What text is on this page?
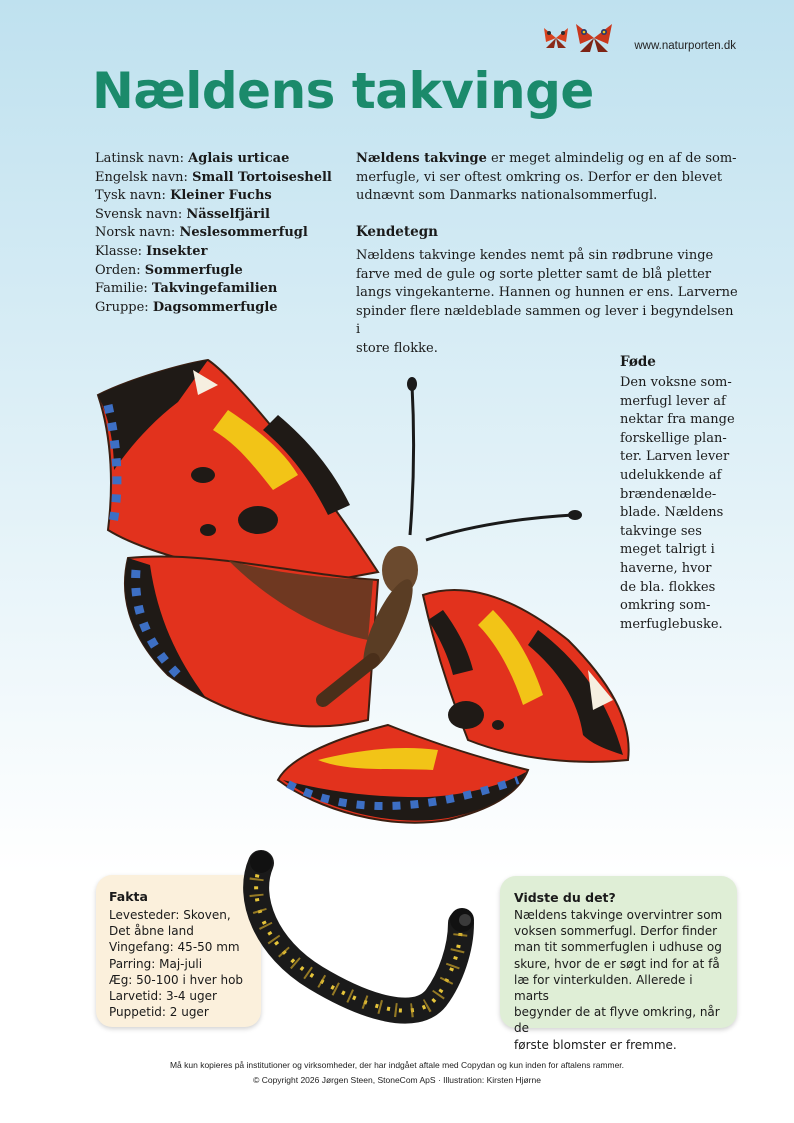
www.naturporten.dk
Nældens takvinge
Latinsk navn: Aglais urticae
Engelsk navn: Small Tortoiseshell
Tysk navn: Kleiner Fuchs
Svensk navn: Nässelfjäril
Norsk navn: Neslesommerfugl
Klasse: Insekter
Orden: Sommerfugle
Familie: Takvingefamilien
Gruppe: Dagsommerfugle
Nældens takvinge er meget almindelig og en af de som-
merfugle, vi ser oftest omkring os. Derfor er den blevet
udnævnt som Danmarks nationalsommerfugl.
Kendetegn
Nældens takvinge kendes nemt på sin rødbrune vinge
farve med de gule og sorte pletter samt de blå pletter
langs vingekanterne. Hannen og hunnen er ens. Larverne
spinder flere nældeblade sammen og lever i begyndelsen i
store flokke.
Føde
Den voksne som-
merfugl lever af
nektar fra mange
forskellige plan-
ter. Larven lever
udelukkende af
brændenælde-
blade. Nældens
takvinge ses
meget talrigt i
haverne, hvor
de bla. flokkes
omkring som-
merfuglebuske.
Fakta
Levesteder: Skoven,
Det åbne land
Vingefang: 45-50 mm
Parring: Maj-juli
Æg: 50-100 i hver hob
Larvetid: 3-4 uger
Puppetid: 2 uger
Vidste du det?
Nældens takvinge overvintrer som
voksen sommerfugl. Derfor finder
man tit sommerfuglen i udhuse og
skure, hvor de er søgt ind for at få
læ for vinterkulden. Allerede i marts
begynder de at flyve omkring, når de
første blomster er fremme.
Må kun kopieres på institutioner og virksomheder, der har indgået aftale med Copydan og kun inden for aftalens rammer.
© Copyright 2026 Jørgen Steen, StoneCom ApS · Illustration: Kirsten Hjørne
